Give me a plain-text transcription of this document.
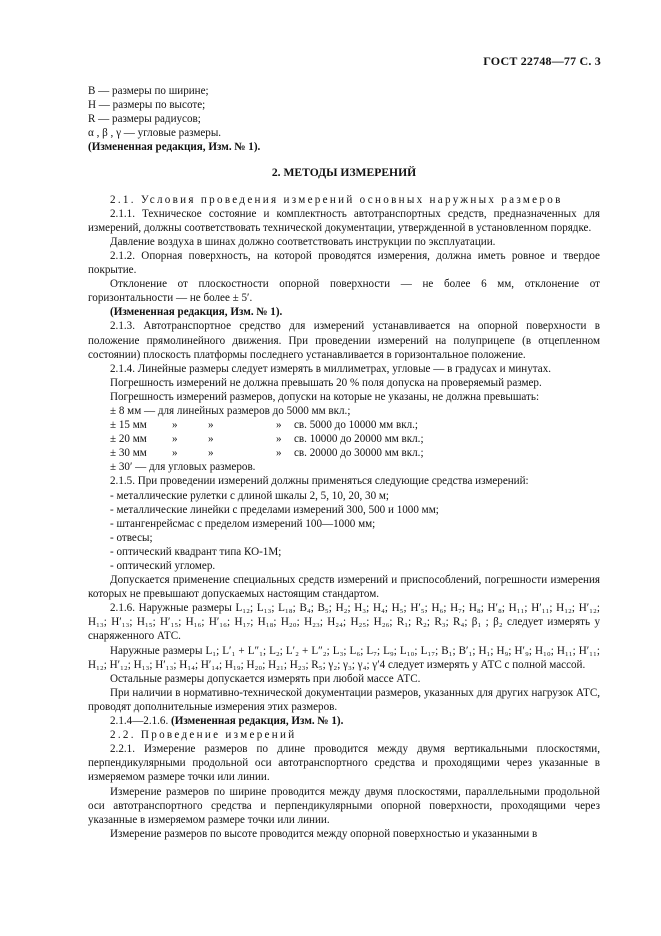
ГОСТ 22748—77 С. 3

B — размеры по ширине;

H — размеры по высоте;

R — размеры радиусов;

α , β , γ — угловые размеры.

(Измененная редакция, Изм. № 1).

2. МЕТОДЫ ИЗМЕРЕНИЙ

2.1. Условия проведения измерений основных наружных размеров

2.1.1. Техническое состояние и комплектность автотранспортных средств, предназначенных для измерений, должны соответствовать технической документации, утвержденной в установленном порядке.

Давление воздуха в шинах должно соответствовать инструкции по эксплуатации.

2.1.2. Опорная поверхность, на которой проводятся измерения, должна иметь ровное и твердое покрытие.

Отклонение от плоскостности опорной поверхности — не более 6 мм, отклонение от горизонтальности — не более ± 5′.

(Измененная редакция, Изм. № 1).

2.1.3. Автотранспортное средство для измерений устанавливается на опорной поверхности в положение прямолинейного движения. При проведении измерений на полуприцепе (в отцепленном состоянии) плоскость платформы последнего устанавливается в горизонтальное положение.

2.1.4. Линейные размеры следует измерять в миллиметрах, угловые — в градусах и минутах.

Погрешность измерений не должна превышать 20 % поля допуска на проверяемый размер.

Погрешность измерений размеров, допуски на которые не указаны, не должна превышать:

± 8 мм — для линейных размеров до 5000 мм вкл.;

± 15 мм	»	»	»	св. 5000 до 10000 мм вкл.;
± 20 мм	»	»	»	св. 10000 до 20000 мм вкл.;
± 30 мм	»	»	»	св. 20000 до 30000 мм вкл.;

± 30′ — для угловых размеров.

2.1.5. При проведении измерений должны применяться следующие средства измерений:

- металлические рулетки с длиной шкалы 2, 5, 10, 20, 30 м;

- металлические линейки с пределами измерений 300, 500 и 1000 мм;

- штангенрейсмас с пределом измерений 100—1000 мм;

- отвесы;

- оптический квадрант типа КО-1М;

- оптический угломер.

Допускается применение специальных средств измерений и приспособлений, погрешности измерения которых не превышают допускаемых настоящим стандартом.

2.1.6. Наружные размеры L₁₂; L₁₃; L₁₈; B₄; B₅; H₂; H₃; H₄; H₅; H′₅; H₆; H₇; H₈; H′₈; H₁₁; H′₁₁; H₁₂; H′₁₂; H₁₃; H′₁₃; H₁₅; H′₁₅; H₁₆; H′₁₆; H₁₇; H₁₈; H₂₀; H₂₃; H₂₄; H₂₅; H₂₆; R₁; R₂; R₃; R₄; β₁ ; β₂ следует измерять у снаряженного АТС.

Наружные размеры L₁; L′₁ + L″₁; L₂; L′₂ + L″₂; L₃; L₆; L₇; L₉; L₁₀; L₁₇; B₁; B′₁; H₁; H₉; H′₉; H₁₀; H₁₁; H′₁₁; H₁₂; H′₁₂; H₁₃; H′₁₃; H₁₄; H′₁₄; H₁₉; H₂₀; H₂₁; H₂₃; R₅; γ₂; γ₃; γ₄; γ′4 следует измерять у АТС с полной массой.

Остальные размеры допускается измерять при любой массе АТС.

При наличии в нормативно-технической документации размеров, указанных для других нагрузок АТС, проводят дополнительные измерения этих размеров.

2.1.4—2.1.6. (Измененная редакция, Изм. № 1).

2.2. Проведение измерений

2.2.1. Измерение размеров по длине проводится между двумя вертикальными плоскостями, перпендикулярными продольной оси автотранспортного средства и проходящими через указанные в измеряемом размере точки или линии.

Измерение размеров по ширине проводится между двумя плоскостями, параллельными продольной оси автотранспортного средства и перпендикулярными опорной поверхности, проходящими через указанные в измеряемом размере точки или линии.

Измерение размеров по высоте проводится между опорной поверхностью и указанными в
